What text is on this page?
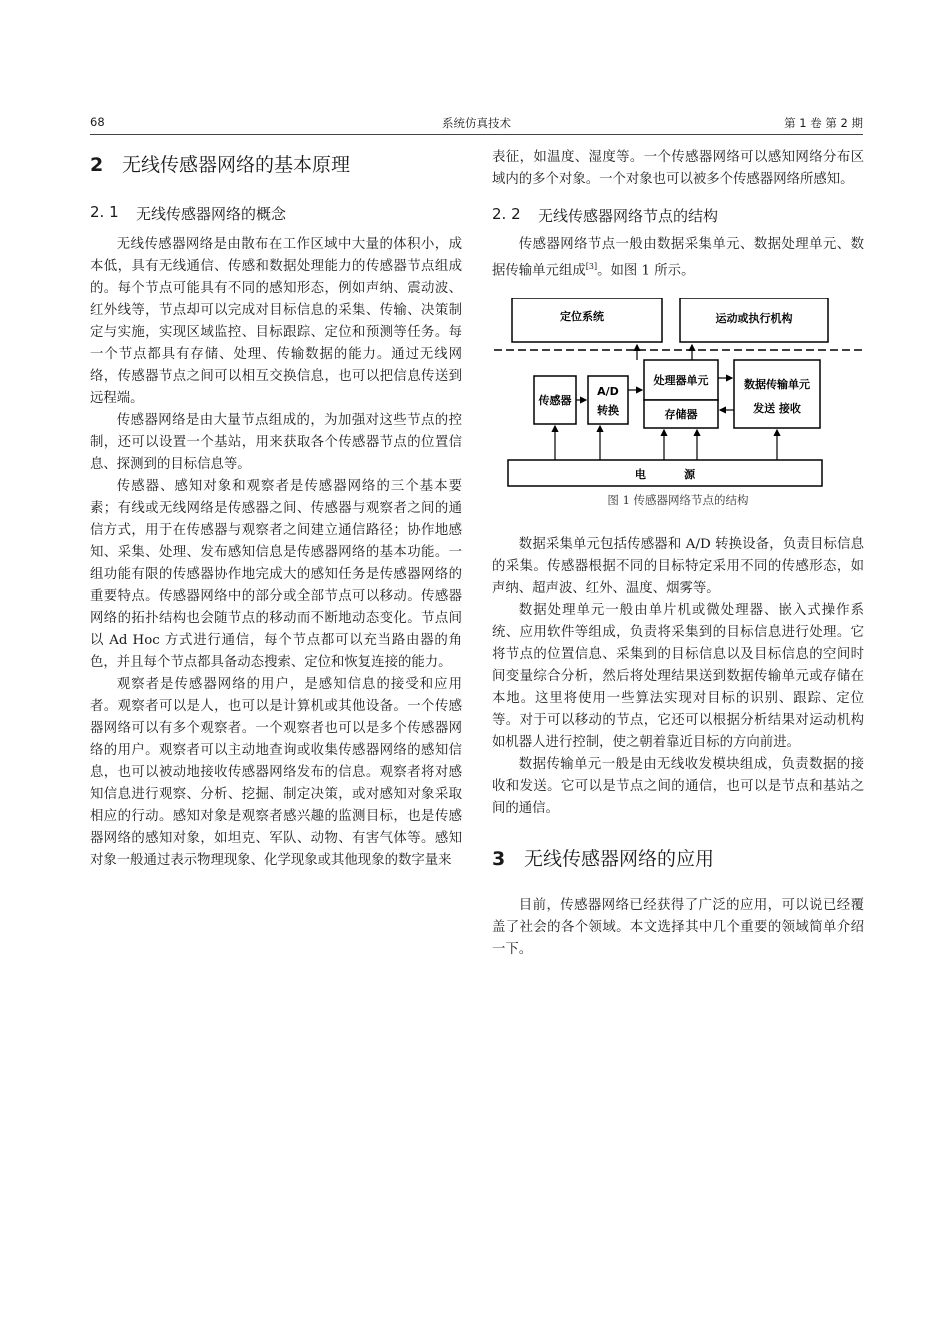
68	系统仿真技术	第 1 卷 第 2 期
2 无线传感器网络的基本原理
2. 1	无线传感器网络的概念

无线传感器网络是由散布在工作区域中大量的体积小，成本低，具有无线通信、传感和数据处理能力的传感器节点组成的。每个节点可能具有不同的感知形态，例如声纳、震动波、红外线等，节点却可以完成对目标信息的采集、传输、决策制定与实施，实现区域监控、目标跟踪、定位和预测等任务。每一个节点都具有存储、处理、传输数据的能力。通过无线网络，传感器节点之间可以相互交换信息，也可以把信息传送到远程端。

传感器网络是由大量节点组成的，为加强对这些节点的控制，还可以设置一个基站，用来获取各个传感器节点的位置信息、探测到的目标信息等。

传感器、感知对象和观察者是传感器网络的三个基本要素；有线或无线网络是传感器之间、传感器与观察者之间的通信方式，用于在传感器与观察者之间建立通信路径；协作地感知、采集、处理、发布感知信息是传感器网络的基本功能。一组功能有限的传感器协作地完成大的感知任务是传感器网络的重要特点。传感器网络中的部分或全部节点可以移动。传感器网络的拓扑结构也会随节点的移动而不断地动态变化。节点间以 Ad Hoc 方式进行通信，每个节点都可以充当路由器的角色，并且每个节点都具备动态搜索、定位和恢复连接的能力。

观察者是传感器网络的用户，是感知信息的接受和应用者。观察者可以是人，也可以是计算机或其他设备。一个传感器网络可以有多个观察者。一个观察者也可以是多个传感器网络的用户。观察者可以主动地查询或收集传感器网络的感知信息，也可以被动地接收传感器网络发布的信息。观察者将对感知信息进行观察、分析、挖掘、制定决策，或对感知对象采取相应的行动。感知对象是观察者感兴趣的监测目标，也是传感器网络的感知对象，如坦克、军队、动物、有害气体等。感知对象一般通过表示物理现象、化学现象或其他现象的数字量来

表征，如温度、湿度等。一个传感器网络可以感知网络分布区域内的多个对象。一个对象也可以被多个传感器网络所感知。

2. 2	无线传感器网络节点的结构

传感器网络节点一般由数据采集单元、数据处理单元、数据传输单元组成[3]。如图 1 所示。

定位系统	运动或执行机构
传感器
A/D
转换
处理器单元
存储器
数据传输单元
发送 接收
电          源
图 1 传感器网络节点的结构

数据采集单元包括传感器和 A/D 转换设备，负责目标信息的采集。传感器根据不同的目标特定采用不同的传感形态，如声纳、超声波、红外、温度、烟雾等。

数据处理单元一般由单片机或微处理器、嵌入式操作系统、应用软件等组成，负责将采集到的目标信息进行处理。它将节点的位置信息、采集到的目标信息以及目标信息的空间时间变量综合分析，然后将处理结果送到数据传输单元或存储在本地。这里将使用一些算法实现对目标的识别、跟踪、定位等。对于可以移动的节点，它还可以根据分析结果对运动机构如机器人进行控制，使之朝着靠近目标的方向前进。

数据传输单元一般是由无线收发模块组成，负责数据的接收和发送。它可以是节点之间的通信，也可以是节点和基站之间的通信。

3 无线传感器网络的应用

目前，传感器网络已经获得了广泛的应用，可以说已经覆盖了社会的各个领域。本文选择其中几个重要的领域简单介绍一下。
